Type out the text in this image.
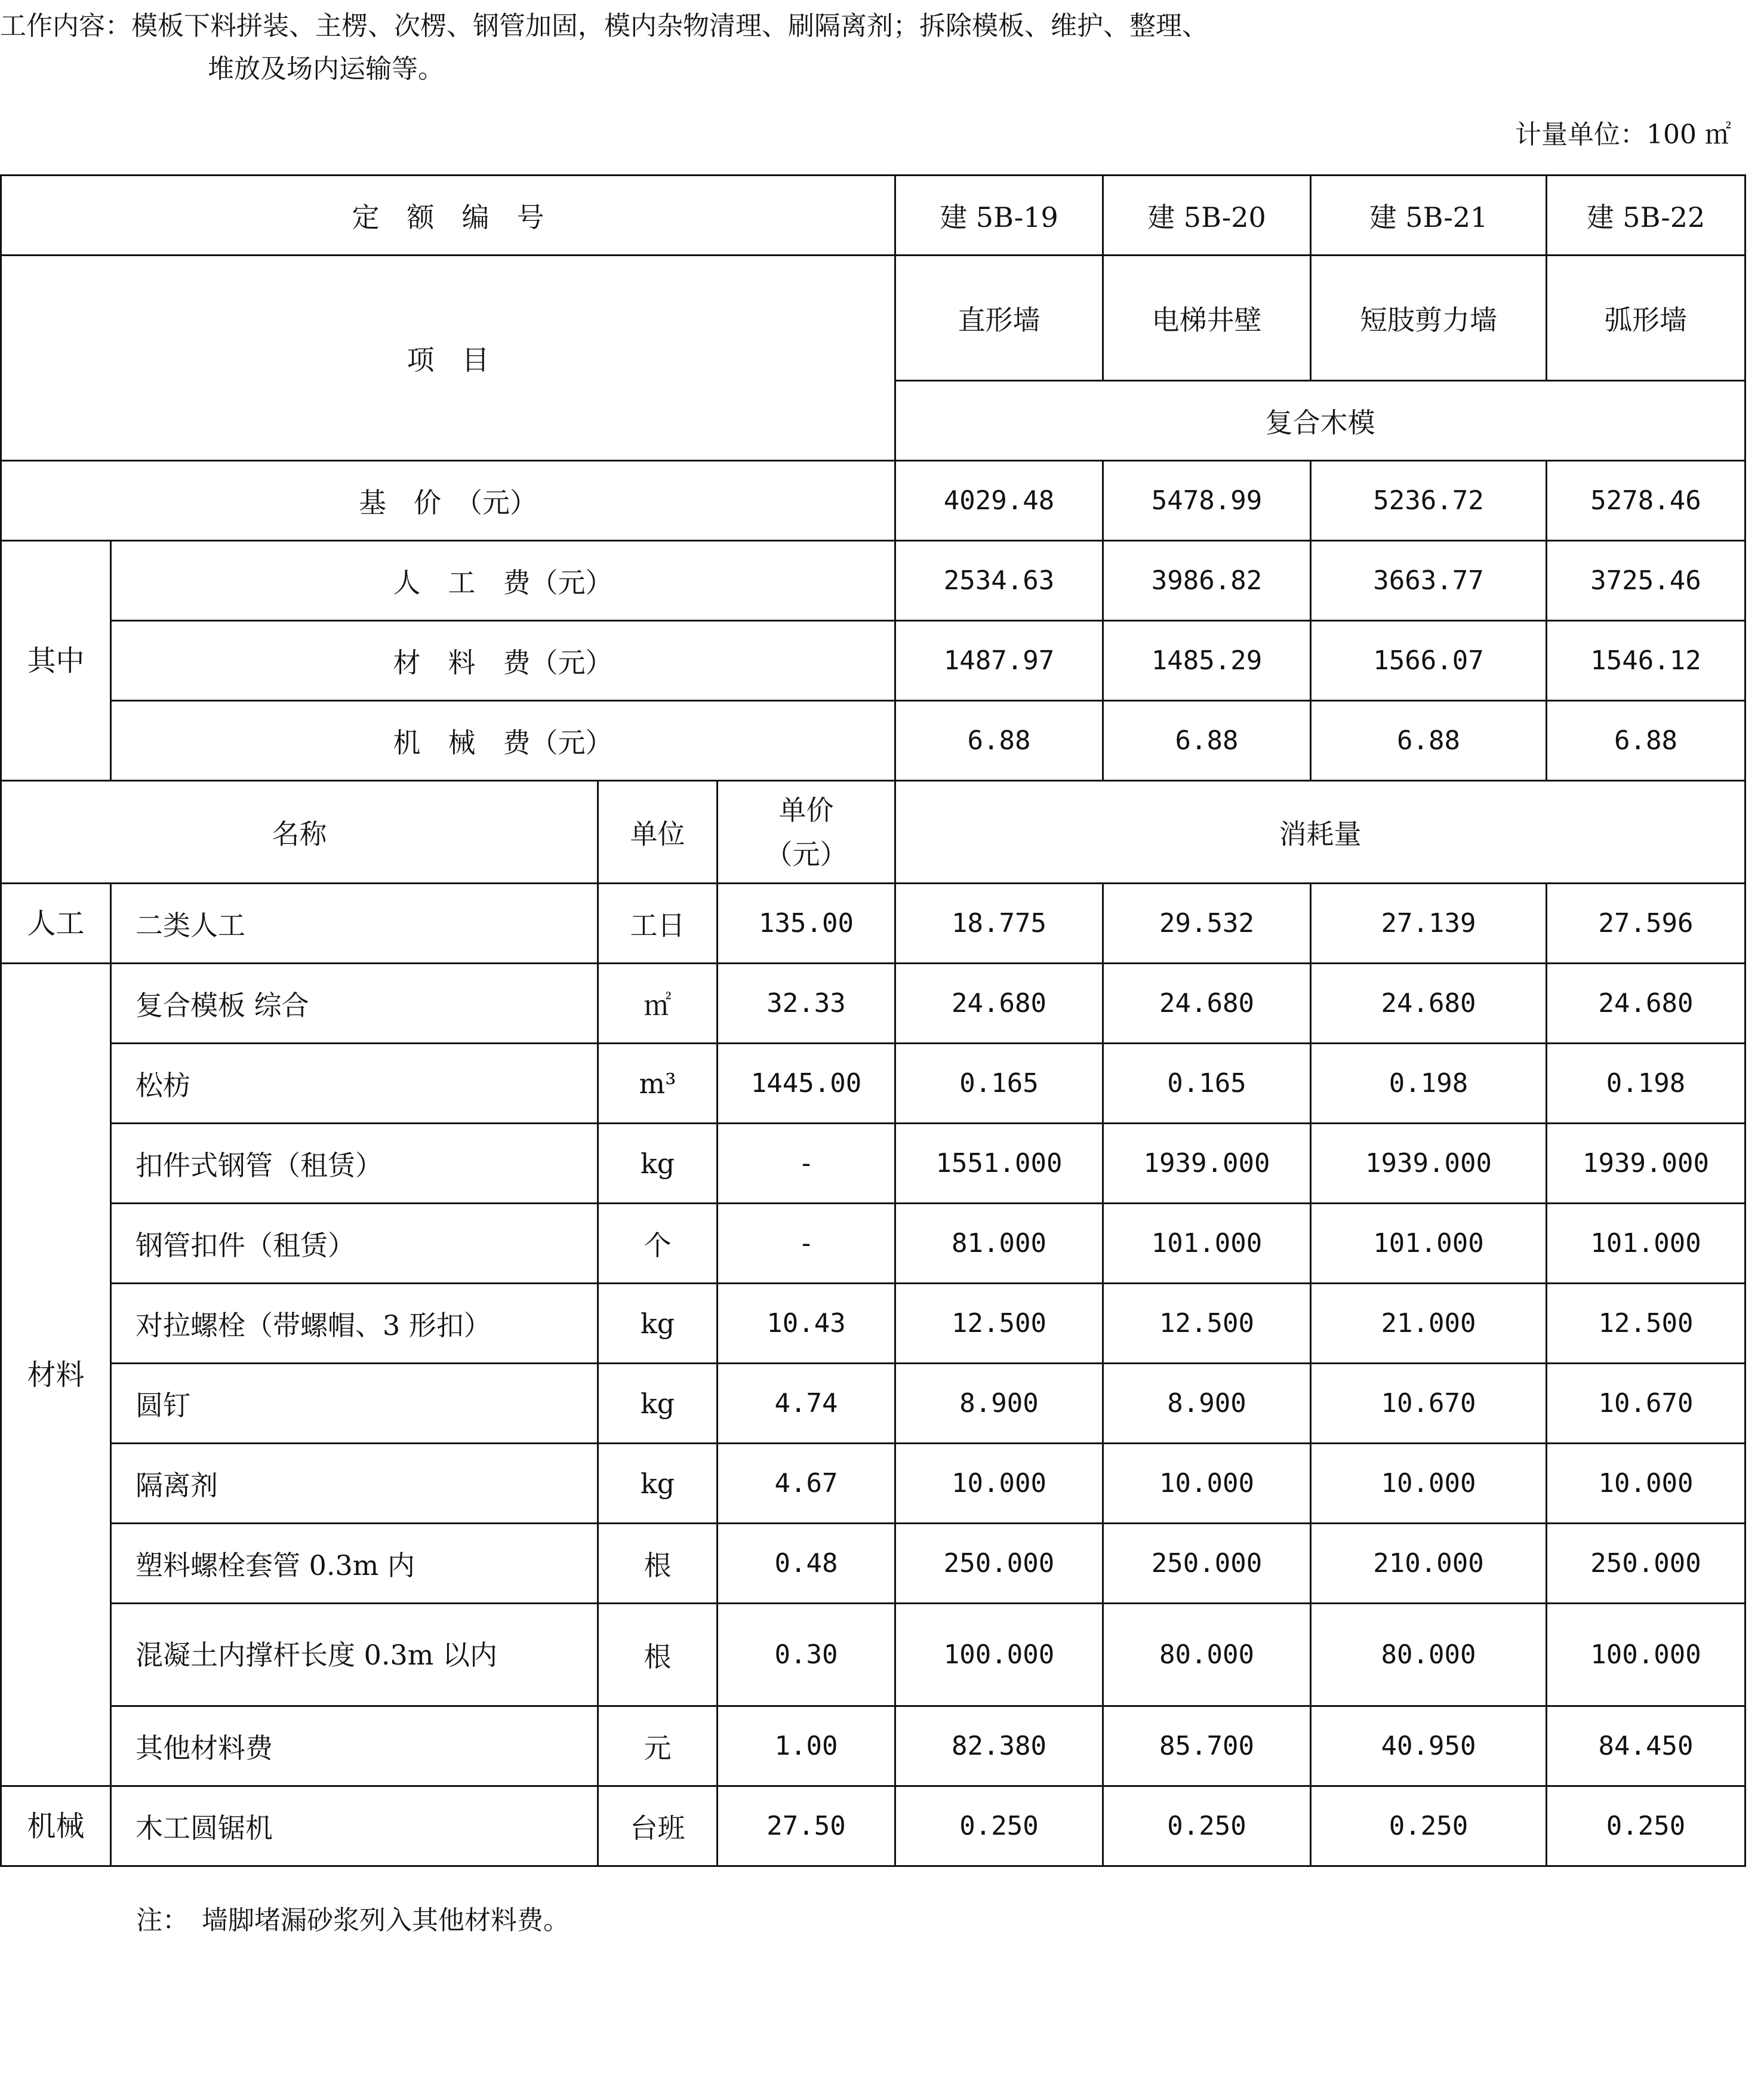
工作内容：模板下料拼装、主楞、次楞、钢管加固，模内杂物清理、刷隔离剂；拆除模板、维护、整理、
堆放及场内运输等。
计量单位：100 ㎡
定　额　编　号				建 5B-19	建 5B-20	建 5B-21	建 5B-22
项　目				直形墙	电梯井壁	短肢剪力墙	弧形墙
				复合木模			
基　价　（元）				4029.48	5478.99	5236.72	5278.46
其中	人　工　费（元）			2534.63	3986.82	3663.77	3725.46
	材　料　费（元）			1487.97	1485.29	1566.07	1546.12
	机　械　费（元）			6.88	6.88	6.88	6.88
名称		单位	单价（元）	消耗量			
人工	二类人工	工日	135.00	18.775	29.532	27.139	27.596
材料	复合模板 综合	㎡	32.33	24.680	24.680	24.680	24.680
	松枋	m³	1445.00	0.165	0.165	0.198	0.198
	扣件式钢管（租赁）	kg	-	1551.000	1939.000	1939.000	1939.000
	钢管扣件（租赁）	个	-	81.000	101.000	101.000	101.000
	对拉螺栓（带螺帽、3 形扣）	kg	10.43	12.500	12.500	21.000	12.500
	圆钉	kg	4.74	8.900	8.900	10.670	10.670
	隔离剂	kg	4.67	10.000	10.000	10.000	10.000
	塑料螺栓套管 0.3m 内	根	0.48	250.000	250.000	210.000	250.000
	混凝土内撑杆长度 0.3m 以内	根	0.30	100.000	80.000	80.000	100.000
	其他材料费	元	1.00	82.380	85.700	40.950	84.450
机械	木工圆锯机	台班	27.50	0.250	0.250	0.250	0.250
注：　墙脚堵漏砂浆列入其他材料费。
